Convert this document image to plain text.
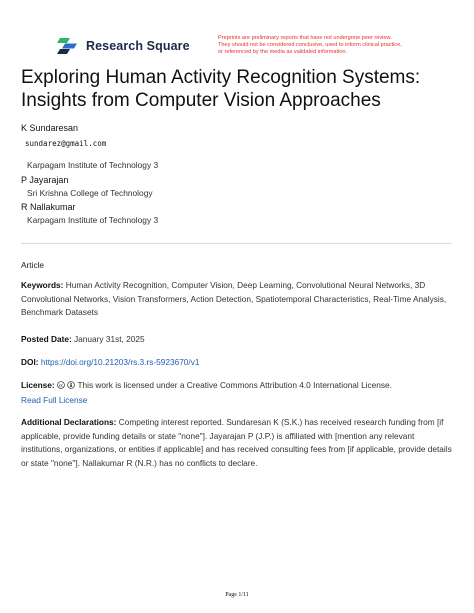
Research Square
Preprints are preliminary reports that have not undergone peer review.
They should not be considered conclusive, used to inform clinical practice,
or referenced by the media as validated information.
Exploring Human Activity Recognition Systems:
Insights from Computer Vision Approaches
K Sundaresan
sundarez@gmail.com
Karpagam Institute of Technology 3
P Jayarajan
Sri Krishna College of Technology
R Nallakumar
Karpagam Institute of Technology 3
Article
Keywords: Human Activity Recognition, Computer Vision, Deep Learning, Convolutional Neural Networks, 3D Convolutional Networks, Vision Transformers, Action Detection, Spatiotemporal Characteristics, Real-Time Analysis, Benchmark Datasets
Posted Date: January 31st, 2025
DOI: https://doi.org/10.21203/rs.3.rs-5923670/v1
License: cc This work is licensed under a Creative Commons Attribution 4.0 International License.
Read Full License
Additional Declarations: Competing interest reported. Sundaresan K (S.K.) has received research funding from [if applicable, provide funding details or state "none"]. Jayarajan P (J.P.) is affiliated with [mention any relevant institutions, organizations, or entities if applicable] and has received consulting fees from [if applicable, provide details or state "none"]. Nallakumar R (N.R.) has no conflicts to declare.
Page 1/11
